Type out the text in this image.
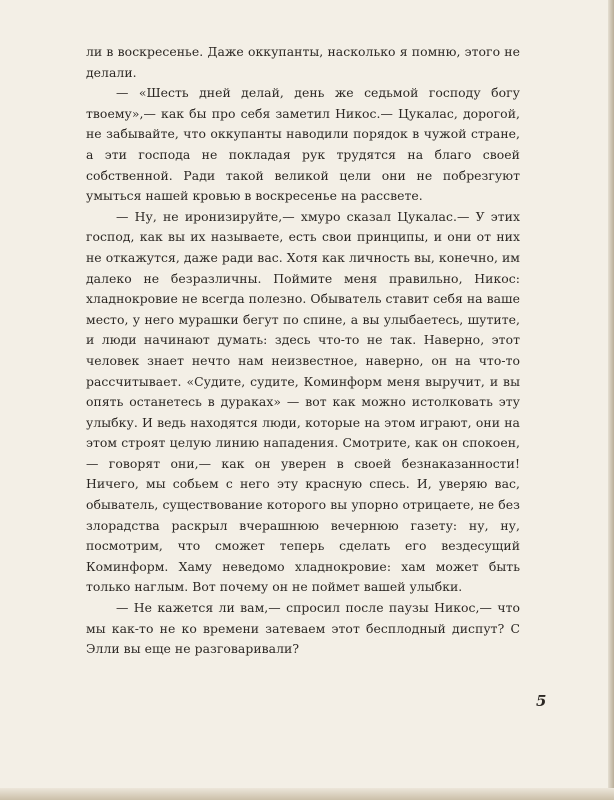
ли в воскресенье. Даже оккупанты, насколько я помню, этого не делали.

— «Шесть дней делай, день же седьмой господу богу твоему»,— как бы про себя заметил Никос.— Цукалас, дорогой, не забывайте, что оккупанты наводили порядок в чужой стране, а эти господа не покладая рук трудятся на благо своей собственной. Ради такой великой цели они не побрезгуют умыться нашей кровью в воскресенье на рассвете.

— Ну, не иронизируйте,— хмуро сказал Цукалас.— У этих господ, как вы их называете, есть свои принципы, и они от них не откажутся, даже ради вас. Хотя как личность вы, конечно, им далеко не безразличны. Поймите меня правильно, Никос: хладнокровие не всегда полезно. Обыватель ставит себя на ваше место, у него мурашки бегут по спине, а вы улыбаетесь, шутите, и люди начинают думать: здесь что-то не так. Наверно, этот человек знает нечто нам неизвестное, наверно, он на что-то рассчитывает. «Судите, судите, Коминформ меня выручит, и вы опять останетесь в дураках» — вот как можно истолковать эту улыбку. И ведь находятся люди, которые на этом играют, они на этом строят целую линию нападения. Смотрите, как он спокоен,— говорят они,— как он уверен в своей безнаказанности! Ничего, мы собьем с него эту красную спесь. И, уверяю вас, обыватель, существование которого вы упорно отрицаете, не без злорадства раскрыл вчерашнюю вечернюю газету: ну, ну, посмотрим, что сможет теперь сделать его вездесущий Коминформ. Хаму неведомо хладнокровие: хам может быть только наглым. Вот почему он не поймет вашей улыбки.

— Не кажется ли вам,— спросил после паузы Никос,— что мы как-то не ко времени затеваем этот бесплодный диспут? С Элли вы еще не разговаривали?

5
